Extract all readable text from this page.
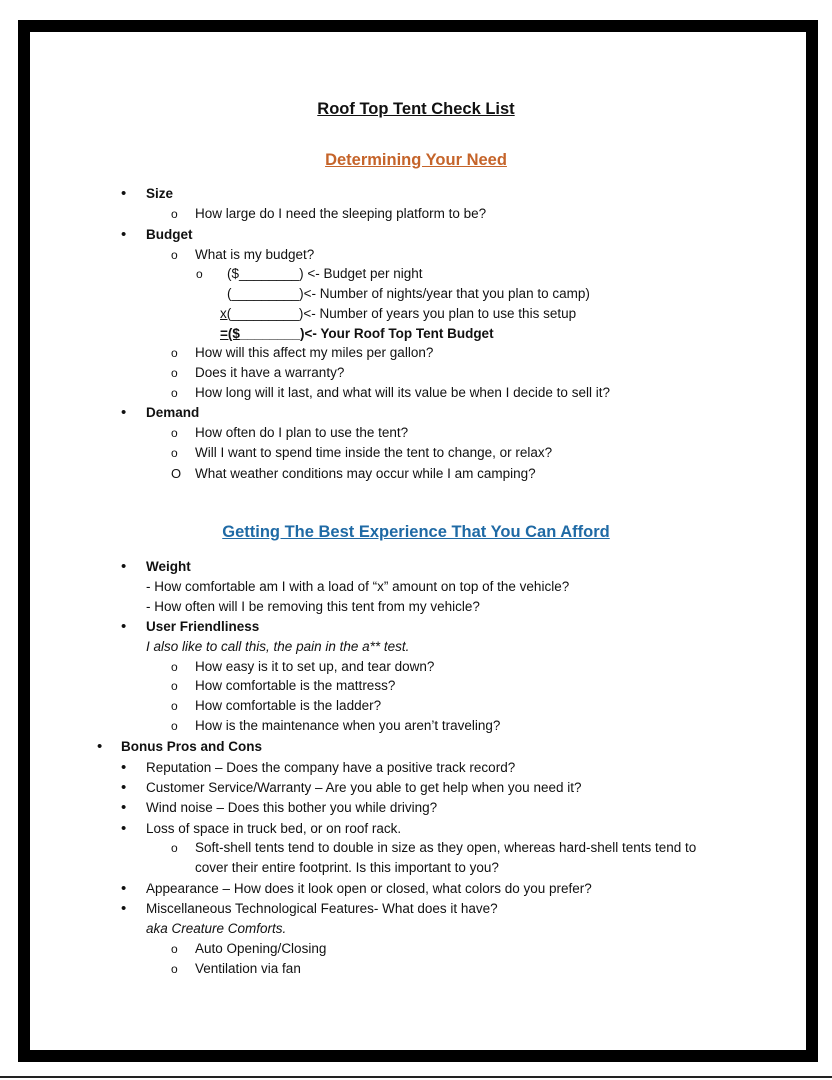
Roof Top Tent Check List
Determining Your Need
• Size
o How large do I need the sleeping platform to be?
• Budget
o What is my budget?
o ($________) <- Budget per night
(_________)<- Number of nights/year that you plan to camp)
x(_________)<- Number of years you plan to use this setup
=($________)<- Your Roof Top Tent Budget
o How will this affect my miles per gallon?
o Does it have a warranty?
o How long will it last, and what will its value be when I decide to sell it?
• Demand
o How often do I plan to use the tent?
o Will I want to spend time inside the tent to change, or relax?
O What weather conditions may occur while I am camping?
Getting The Best Experience That You Can Afford
• Weight
- How comfortable am I with a load of “x” amount on top of the vehicle?
- How often will I be removing this tent from my vehicle?
• User Friendliness
I also like to call this, the pain in the a** test.
o How easy is it to set up, and tear down?
o How comfortable is the mattress?
o How comfortable is the ladder?
o How is the maintenance when you aren’t traveling?
• Bonus Pros and Cons
• Reputation – Does the company have a positive track record?
• Customer Service/Warranty – Are you able to get help when you need it?
• Wind noise – Does this bother you while driving?
• Loss of space in truck bed, or on roof rack.
o Soft-shell tents tend to double in size as they open, whereas hard-shell tents tend to
cover their entire footprint. Is this important to you?
• Appearance – How does it look open or closed, what colors do you prefer?
• Miscellaneous Technological Features- What does it have?
aka Creature Comforts.
o Auto Opening/Closing
o Ventilation via fan
